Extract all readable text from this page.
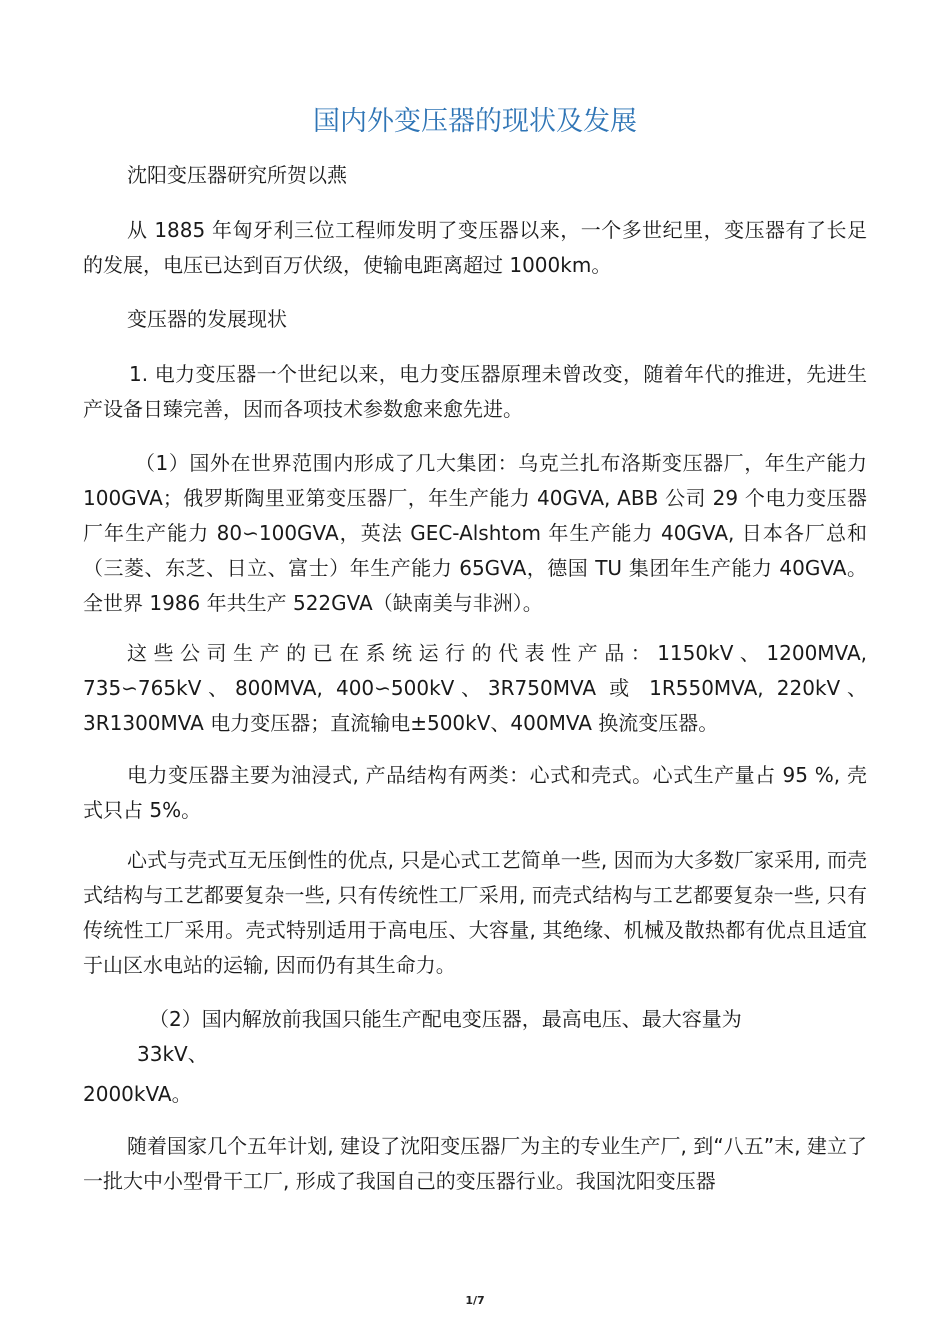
国内外变压器的现状及发展

沈阳变压器研究所贺以燕

从 1885 年匈牙利三位工程师发明了变压器以来，一个多世纪里，变压器有了长足的发展，电压已达到百万伏级，使输电距离超过 1000km。

变压器的发展现状

1. 电力变压器一个世纪以来，电力变压器原理未曾改变，随着年代的推进，先进生产设备日臻完善，因而各项技术参数愈来愈先进。

（1）国外在世界范围内形成了几大集团：乌克兰扎布洛斯变压器厂，年生产能力 100GVA；俄罗斯陶里亚第变压器厂，年生产能力 40GVA, ABB 公司 29 个电力变压器厂年生产能力 80∽100GVA，英法 GEC-Alshtom 年生产能力 40GVA, 日本各厂总和（三菱、东芝、日立、富士）年生产能力 65GVA，德国 TU 集团年生产能力 40GVA。全世界 1986 年共生产 522GVA（缺南美与非洲）。

这些公司生产的已在系统运行的代表性产品：1150kV、1200MVA, 735∽765kV、800MVA, 400∽500kV、3R750MVA 或 1R550MVA, 220kV、3R1300MVA 电力变压器；直流输电±500kV、400MVA 换流变压器。

电力变压器主要为油浸式, 产品结构有两类：心式和壳式。心式生产量占 95 %, 壳式只占 5%。

心式与壳式互无压倒性的优点, 只是心式工艺简单一些, 因而为大多数厂家采用, 而壳式结构与工艺都要复杂一些, 只有传统性工厂采用, 而壳式结构与工艺都要复杂一些, 只有传统性工厂采用。壳式特别适用于高电压、大容量, 其绝缘、机械及散热都有优点且适宜于山区水电站的运输, 因而仍有其生命力。

（2）国内解放前我国只能生产配电变压器，最高电压、最大容量为

33kV、

2000kVA。

随着国家几个五年计划, 建设了沈阳变压器厂为主的专业生产厂, 到“八五”末, 建立了一批大中小型骨干工厂, 形成了我国自己的变压器行业。我国沈阳变压器

1/7
